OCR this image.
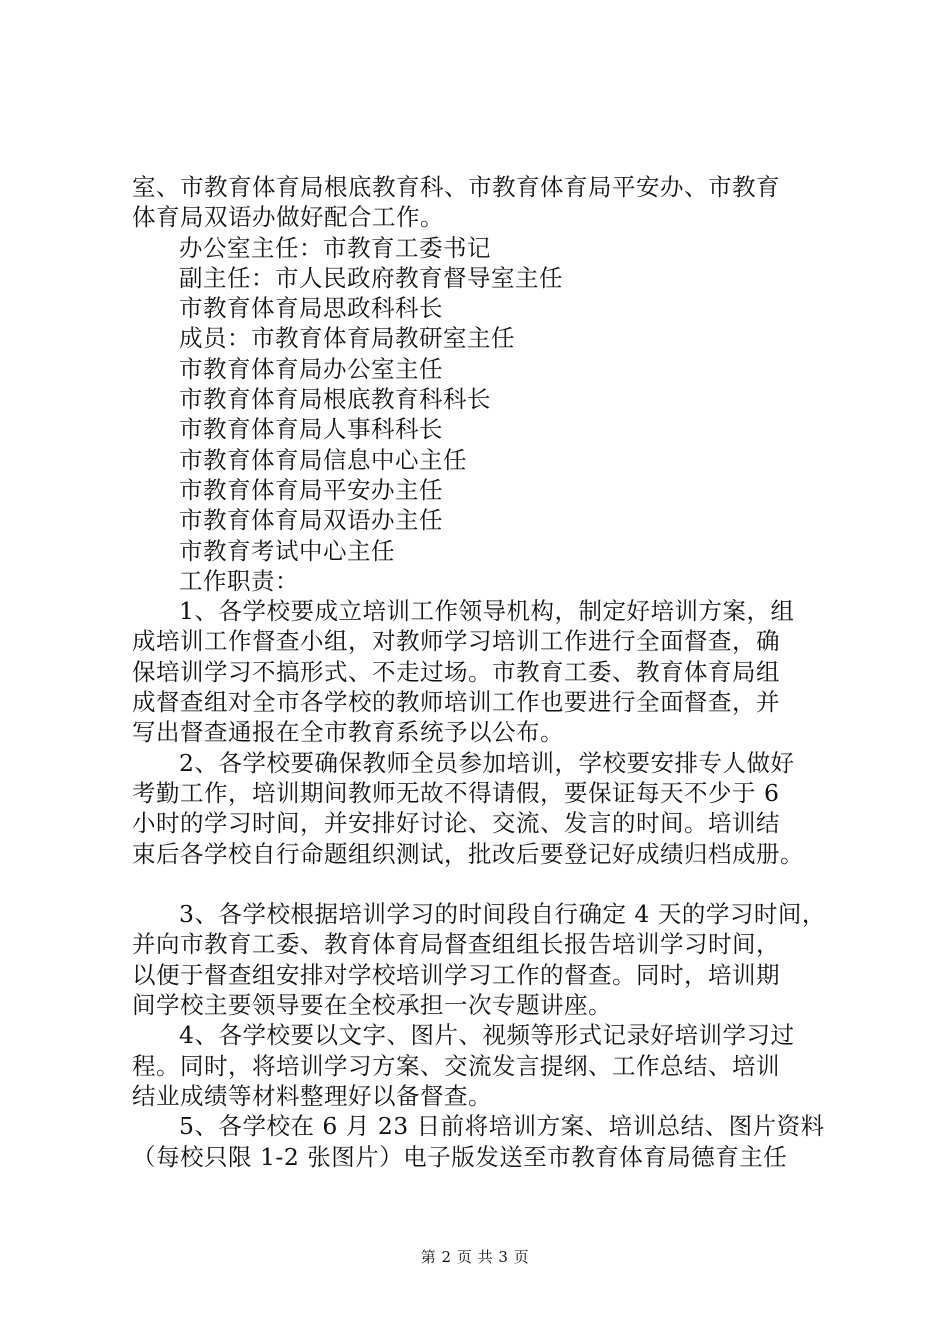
室、市教育体育局根底教育科、市教育体育局平安办、市教育
体育局双语办做好配合工作。
办公室主任：市教育工委书记
副主任：市人民政府教育督导室主任
市教育体育局思政科科长
成员：市教育体育局教研室主任
市教育体育局办公室主任
市教育体育局根底教育科科长
市教育体育局人事科科长
市教育体育局信息中心主任
市教育体育局平安办主任
市教育体育局双语办主任
市教育考试中心主任
工作职责：
1、各学校要成立培训工作领导机构，制定好培训方案，组
成培训工作督查小组，对教师学习培训工作进行全面督查，确
保培训学习不搞形式、不走过场。市教育工委、教育体育局组
成督查组对全市各学校的教师培训工作也要进行全面督查，并
写出督查通报在全市教育系统予以公布。
2、各学校要确保教师全员参加培训，学校要安排专人做好
考勤工作，培训期间教师无故不得请假，要保证每天不少于 6
小时的学习时间，并安排好讨论、交流、发言的时间。培训结
束后各学校自行命题组织测试，批改后要登记好成绩归档成册。
3、各学校根据培训学习的时间段自行确定 4 天的学习时间，
并向市教育工委、教育体育局督查组组长报告培训学习时间，
以便于督查组安排对学校培训学习工作的督查。同时，培训期
间学校主要领导要在全校承担一次专题讲座。
4、各学校要以文字、图片、视频等形式记录好培训学习过
程。同时，将培训学习方案、交流发言提纲、工作总结、培训
结业成绩等材料整理好以备督查。
5、各学校在 6 月 23 日前将培训方案、培训总结、图片资料
（每校只限 1-2 张图片）电子版发送至市教育体育局德育主任
第 2 页 共 3 页
